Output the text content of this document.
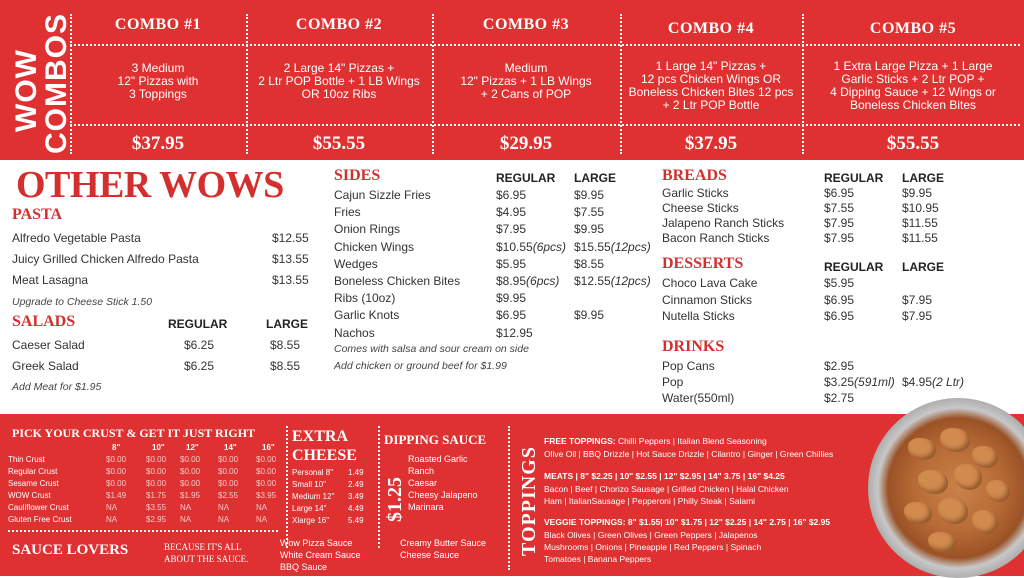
WOW
COMBOS	COMBO #1
3 Medium
12" Pizzas with
3 Toppings
$37.95
COMBO #2
2 Large 14" Pizzas +
2 Ltr POP Bottle + 1 LB Wings
OR 10oz Ribs
$55.55
COMBO #3
Medium
12" Pizzas + 1 LB Wings
+ 2 Cans of POP
$29.95
COMBO #4
1 Large 14" Pizzas +
12 pcs Chicken Wings OR
Boneless Chicken Bites 12 pcs
+ 2 Ltr POP Bottle
$37.95
COMBO #5
1 Extra Large Pizza + 1 Large
Garlic Sticks + 2 Ltr POP +
4 Dipping Sauce + 12 Wings or
Boneless Chicken Bites
$55.55
OTHER WOWS
PASTA
Alfredo Vegetable Pasta	$12.55
Juicy Grilled Chicken Alfredo Pasta	$13.55
Meat Lasagna	$13.55
Upgrade to Cheese Stick 1.50
SALADS	REGULAR	LARGE
Caeser Salad	$6.25	$8.55
Greek Salad	$6.25	$8.55
Add Meat for $1.95
SIDES	REGULAR LARGE
Cajun Sizzle Fries	$6.95	$9.95
Fries	$4.95	$7.55
Onion Rings	$7.95	$9.95
Chicken Wings	$10.55(6pcs) $15.55(12pcs)
Wedges	$5.95	$8.55
Boneless Chicken Bites	$8.95(6pcs) $12.55(12pcs)
Ribs (10oz)	$9.95
Garlic Knots	$6.95	$9.95
Nachos	$12.95
Comes with salsa and sour cream on side
Add chicken or ground beef for $1.99
BREADS	REGULAR LARGE
Garlic Sticks	$6.95	$9.95
Cheese Sticks	$7.55	$10.95
Jalapeno Ranch Sticks	$7.95	$11.55
Bacon Ranch Sticks	$7.95	$11.55
DESSERTS	REGULAR LARGE
Choco Lava Cake	$5.95
Cinnamon Sticks	$6.95	$7.95
Nutella Sticks	$6.95	$7.95
DRINKS
Pop Cans	$2.95
Pop	$3.25(591ml) $4.95(2 Ltr)
Water(550ml)	$2.75
PICK YOUR CRUST & GET IT JUST RIGHT
8"	10"	12"	14"	16"
Thin Crust	$0.00 $0.00 $0.00 $0.00 $0.00
Regular Crust	$0.00 $0.00 $0.00 $0.00 $0.00
Sesame Crust	$0.00 $0.00 $0.00 $0.00 $0.00
WOW Crust	$1.49 $1.75 $1.95 $2.55 $3.95
Cauliflower Crust	NA	$3.55 NA	NA	NA
Gluten Free Crust	NA	$2.95 NA	NA	NA
EXTRA
CHEESE
Personal 8" 1.49
Small 10"	2.49
Medium 12" 3.49
Large 14"	4.49
Xlarge 16" 5.49
DIPPING SAUCE
$1.25
Roasted Garlic
Ranch
Caesar
Cheesy Jalapeno
Marinara	TOPPINGS
FREE TOPPINGS: Chilli Peppers | Italian Blend Seasoning
Olive Oil | BBQ Drizzle | Hot Sauce Drizzle | Cilantro | Ginger | Green Chillies
MEATS | 8" $2.25 | 10" $2.55 | 12" $2.95 | 14" 3.75 | 16" $4.25
Bacon | Beef | Chorizo Sausage | Grilled Chicken | Halal Chicken
Ham | ItalianSausage | Pepperoni | Philly Steak | Salami
VEGGIE TOPPINGS: 8" $1.55| 10" $1.75 | 12" $2.25 | 14" 2.75 | 16" $2.95
Black Olives | Green Olives | Green Peppers | Jalapenos
Mushrooms | Onions | Pineapple | Red Peppers | Spinach
Tomatoes | Banana Peppers
SAUCE LOVERS	BECAUSE IT'S ALL
ABOUT THE SAUCE.
Wow Pizza Sauce
White Cream Sauce
BBQ Sauce
Creamy Butter Sauce
Cheese Sauce
